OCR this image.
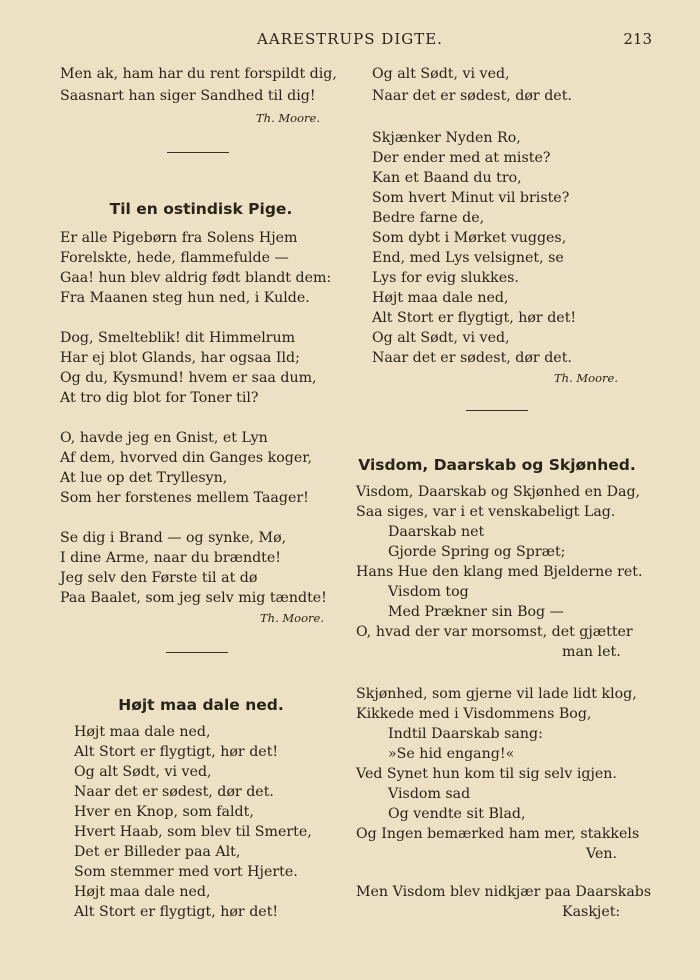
AARESTRUPS DIGTE.	213
Men ak, ham har du rent forspildt dig,
Saasnart han siger Sandhed til dig!
Th. Moore.
Til en ostindisk Pige.
Er alle Pigebørn fra Solens Hjem
Forelskte, hede, flammefulde —
Gaa! hun blev aldrig født blandt dem:
Fra Maanen steg hun ned, i Kulde.
Dog, Smelteblik! dit Himmelrum
Har ej blot Glands, har ogsaa Ild;
Og du, Kysmund! hvem er saa dum,
At tro dig blot for Toner til?
O, havde jeg en Gnist, et Lyn
Af dem, hvorved din Ganges koger,
At lue op det Tryllesyn,
Som her forstenes mellem Taager!
Se dig i Brand — og synke, Mø,
I dine Arme, naar du brændte!
Jeg selv den Første til at dø
Paa Baalet, som jeg selv mig tændte!
Th. Moore.
Højt maa dale ned.
Højt maa dale ned,
Alt Stort er flygtigt, hør det!
Og alt Sødt, vi ved,
Naar det er sødest, dør det.
Hver en Knop, som faldt,
Hvert Haab, som blev til Smerte,
Det er Billeder paa Alt,
Som stemmer med vort Hjerte.
Højt maa dale ned,
Alt Stort er flygtigt, hør det!
Og alt Sødt, vi ved,
Naar det er sødest, dør det.
Skjænker Nyden Ro,
Der ender med at miste?
Kan et Baand du tro,
Som hvert Minut vil briste?
Bedre farne de,
Som dybt i Mørket vugges,
End, med Lys velsignet, se
Lys for evig slukkes.
Højt maa dale ned,
Alt Stort er flygtigt, hør det!
Og alt Sødt, vi ved,
Naar det er sødest, dør det.
Th. Moore.
Visdom, Daarskab og Skjønhed.
Visdom, Daarskab og Skjønhed en Dag,
Saa siges, var i et venskabeligt Lag.
Daarskab net
Gjorde Spring og Spræt;
Hans Hue den klang med Bjelderne ret.
Visdom tog
Med Prækner sin Bog —
O, hvad der var morsomst, det gjætter
man let.
Skjønhed, som gjerne vil lade lidt klog,
Kikkede med i Visdommens Bog,
Indtil Daarskab sang:
»Se hid engang!«
Ved Synet hun kom til sig selv igjen.
Visdom sad
Og vendte sit Blad,
Og Ingen bemærked ham mer, stakkels
Ven.
Men Visdom blev nidkjær paa Daarskabs
Kaskjet:
